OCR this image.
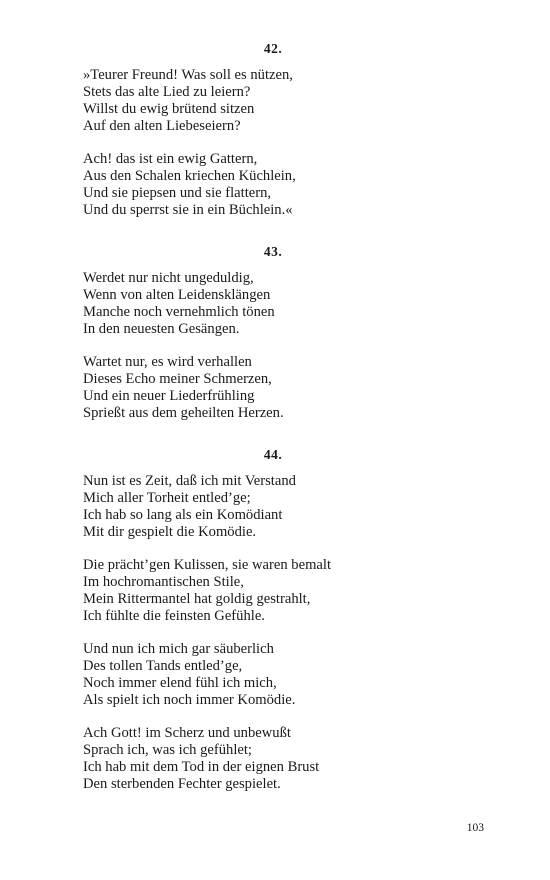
42.
»Teurer Freund! Was soll es nützen,
Stets das alte Lied zu leiern?
Willst du ewig brütend sitzen
Auf den alten Liebeseiern?
Ach! das ist ein ewig Gattern,
Aus den Schalen kriechen Küchlein,
Und sie piepsen und sie flattern,
Und du sperrst sie in ein Büchlein.«
43.
Werdet nur nicht ungeduldig,
Wenn von alten Leidensklängen
Manche noch vernehmlich tönen
In den neuesten Gesängen.
Wartet nur, es wird verhallen
Dieses Echo meiner Schmerzen,
Und ein neuer Liederfrühling
Sprießt aus dem geheilten Herzen.
44.
Nun ist es Zeit, daß ich mit Verstand
Mich aller Torheit entled’ge;
Ich hab so lang als ein Komödiant
Mit dir gespielt die Komödie.
Die prächt’gen Kulissen, sie waren bemalt
Im hochromantischen Stile,
Mein Rittermantel hat goldig gestrahlt,
Ich fühlte die feinsten Gefühle.
Und nun ich mich gar säuberlich
Des tollen Tands entled’ge,
Noch immer elend fühl ich mich,
Als spielt ich noch immer Komödie.
Ach Gott! im Scherz und unbewußt
Sprach ich, was ich gefühlet;
Ich hab mit dem Tod in der eignen Brust
Den sterbenden Fechter gespielet.
103
